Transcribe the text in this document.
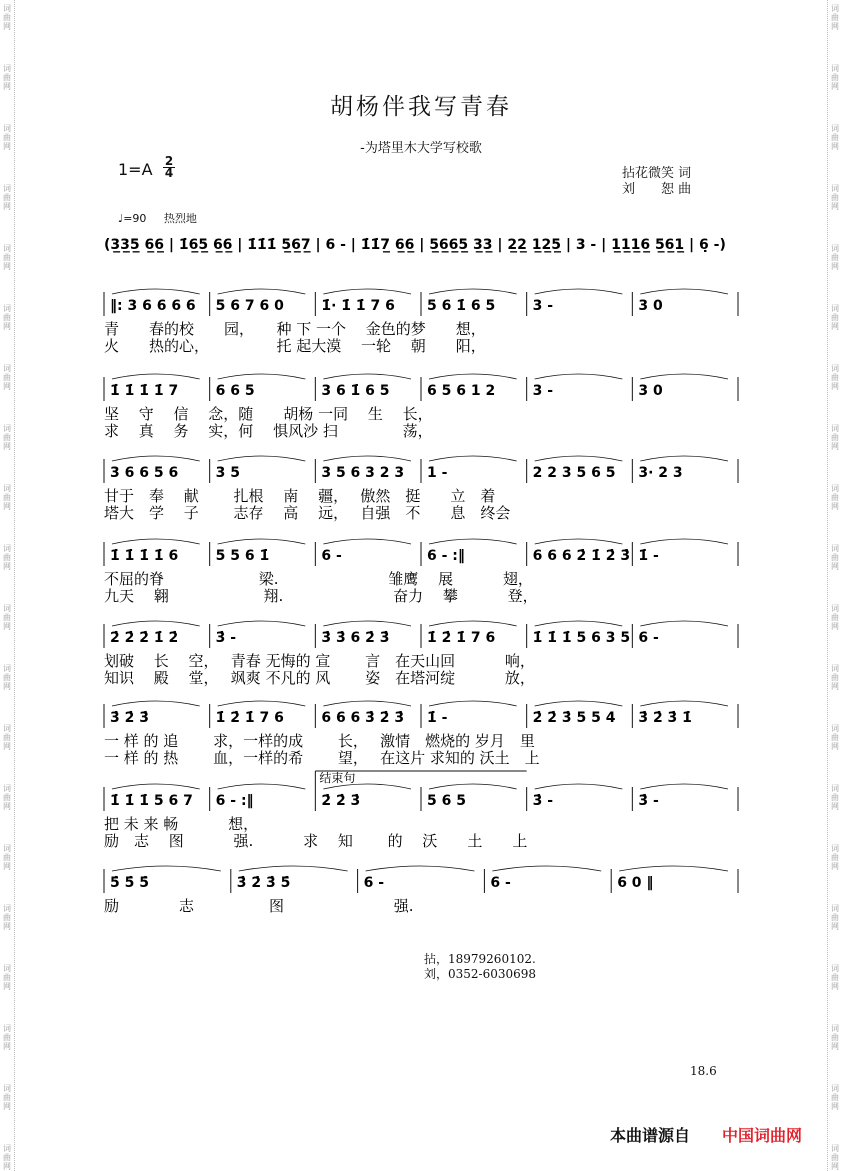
词
曲
网
词
曲
网
词
曲
网
词
曲
网
词
曲
网
词
曲
网
词
曲
网
词
曲
网
词
曲
网
词
曲
网
词
曲
网
词
曲
网
词
曲
网
词
曲
网
词
曲
网
词
曲
网
词
曲
网
词
曲
网
词
曲
网
词
曲
网
词
曲
网
词
曲
网
词
曲
网
词
曲
网
词
曲
网
词
曲
网
词
曲
网
词
曲
网
词
曲
网
词
曲
网
词
曲
网
词
曲
网
词
曲
网
词
曲
网
词
曲
网
词
曲
网
词
曲
网
词
曲
网
词
曲
网
词
曲
网
胡杨伴我写青春
-为塔里木大学写校歌
1=A 2
4	拈花微笑 词
刘　　恕 曲
♩=90 热烈地
(3̲3̲5̲ 6̲6̲ | 1̇6̲5̲ 6̲6̲ | 1̇1̇1̇ 5̲6̲7̲ | 6 - | 1̇1̇7̲ 6̲6̲ | 5̲6̲6̲5̲ 3̲3̲ | 2̲2̲ 1̲2̲5̲ | 3 - | 1̲1̲1̲6̲ 5̲6̲1̲ | 6̣ -)
‖: 3 6 6 6 6 5 6 7 6 0	1̇· 1̇ 1̇ 7 6 5 6 1̇ 6 5	3 -	3 0
青　　春的校　　园，　　种 下 一个　 金色的梦　　想，
火　　热的心，　　　　　托 起大漠　 一轮　 朝　　阳，
1̇ 1̇ 1̇ 1̇ 7	6 6 5	3 6 1̇ 6 5	6 5 6 1 2	3 -	3 0
坚　 守　 信　 念，随　　胡杨 一同　 生　 长，
求　 真　 务　 实，何　 惧风沙 扫　　　　 荡，
3 6 6 5 6	3 5	3 5 6 3 2 3 1 -	2 2 3 5 6 5 3· 2 3
甘于　奉　 献　　 扎根　 南　 疆，　 傲然　挺　　立　着
塔大　学　 子　　 志存　 高　 远，　 自强　不　　息　终会
1̇ 1̇ 1̇ 1̇ 6	5 5 6 1̇	6 -	6 - :‖	6 6 6 2̇ 1̇ 2̇ 3̇ 1̇ -
不屈的脊　　　　　　 梁.　　　　　　　 雏鹰　 展　　　 翅，
九天　 翱　　　　　　 翔.　　　　　　　 奋力　 攀　　　 登，
2̇ 2̇ 2̇ 1̇ 2̇	3̇ -	3̇ 3̇ 6 2̇ 3̇	1̇ 2̇ 1̇ 7 6	1̇ 1̇ 1̇ 5 6 3 5 6 -
划破　 长　 空，　 青春 无悔的 宣　　 言　在天山回　　　 响，
知识　 殿　 堂，　 飒爽 不凡的 风　　 姿　在塔河绽　　　 放，
3̇ 2̇ 3̇	1̇ 2̇ 1̇ 7 6	6 6 6 3̇ 2̇ 3̇ 1̇ -	2̇ 2̇ 3̇ 5 5 4 3̇ 2̇ 3̇ 1̇
一 样 的 追　　 求，一样的成　　 长，　 激情　燃烧的 岁月　里
一 样 的 热　　 血，一样的希　　 望，　 在这片 求知的 沃土　上
1̇ 1̇ 1̇ 5 6 7 6 - :‖	2̇ 2̇ 3̇	5 6 5	3̇ -	3̇ -
结束句
把 未 来 畅　　　 想，
励　志　 图　　　 强.　　　 求　 知　　 的　 沃　　土　　上
5̇ 5̇ 5̇	3̇ 2̇ 3̇ 5̇	6 -	6 -	6 0 ‖
励　　　　志　　　　　图　　　　　　　 强.
拈，18979260102.
刘，0352-6030698
18.6
本曲谱源自 中国词曲网
